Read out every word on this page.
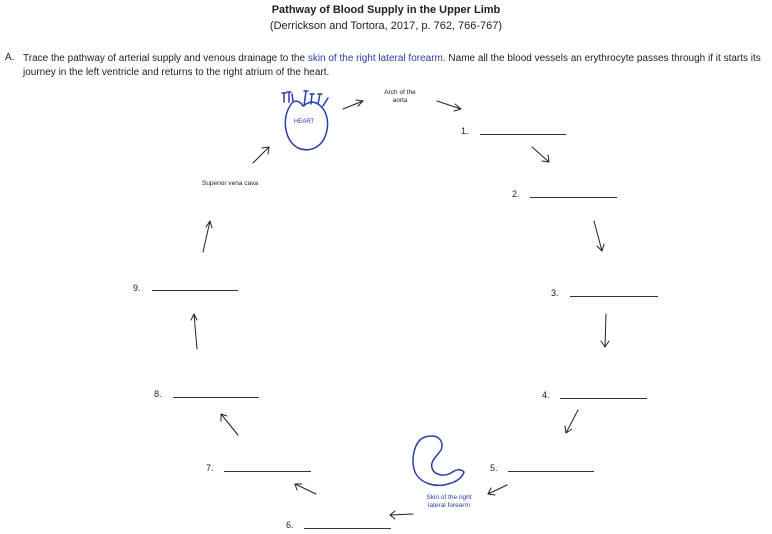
Pathway of Blood Supply in the Upper Limb
(Derrickson and Tortora, 2017, p. 762, 766-767)
A. Trace the pathway of arterial supply and venous drainage to the skin of the right lateral forearm. Name all the blood vessels an erythrocyte passes through if it starts its journey in the left ventricle and returns to the right atrium of the heart.
HEART
Arch of the aorta
Superior vena cava
Skin of the right lateral forearm
1.
2.
3.
4.
5.
6.
7.
8.
9.
